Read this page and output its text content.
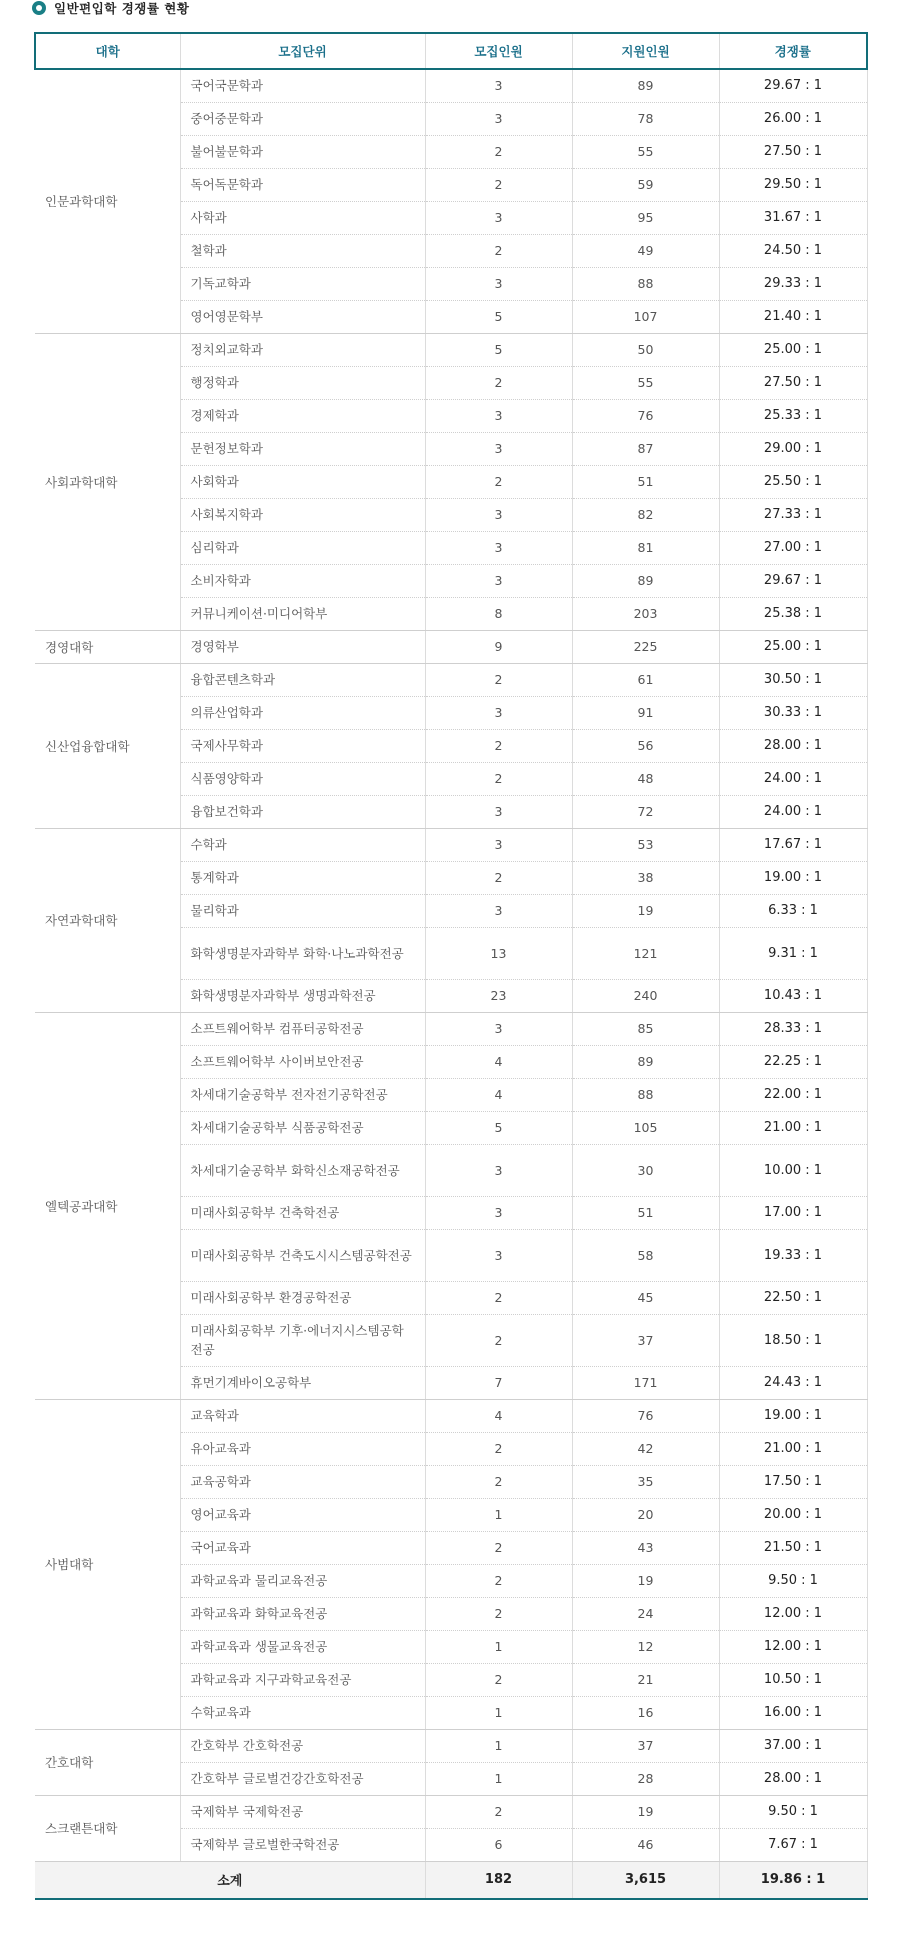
일반편입학 경쟁률 현황
대학	모집단위	모집인원	지원인원	경쟁률
인문과학대학	국어국문학과	3	89	29.67 : 1
	중어중문학과	3	78	26.00 : 1
	불어불문학과	2	55	27.50 : 1
	독어독문학과	2	59	29.50 : 1
	사학과	3	95	31.67 : 1
	철학과	2	49	24.50 : 1
	기독교학과	3	88	29.33 : 1
	영어영문학부	5	107	21.40 : 1
사회과학대학	정치외교학과	5	50	25.00 : 1
	행정학과	2	55	27.50 : 1
	경제학과	3	76	25.33 : 1
	문헌정보학과	3	87	29.00 : 1
	사회학과	2	51	25.50 : 1
	사회복지학과	3	82	27.33 : 1
	심리학과	3	81	27.00 : 1
	소비자학과	3	89	29.67 : 1
	커뮤니케이션·미디어학부	8	203	25.38 : 1
경영대학	경영학부	9	225	25.00 : 1
신산업융합대학	융합콘텐츠학과	2	61	30.50 : 1
	의류산업학과	3	91	30.33 : 1
	국제사무학과	2	56	28.00 : 1
	식품영양학과	2	48	24.00 : 1
	융합보건학과	3	72	24.00 : 1
자연과학대학	수학과	3	53	17.67 : 1
	통계학과	2	38	19.00 : 1
	물리학과	3	19	6.33 : 1
	화학생명분자과학부 화학·나노과학전공	13	121	9.31 : 1
	화학생명분자과학부 생명과학전공	23	240	10.43 : 1
엘텍공과대학	소프트웨어학부 컴퓨터공학전공	3	85	28.33 : 1
	소프트웨어학부 사이버보안전공	4	89	22.25 : 1
	차세대기술공학부 전자전기공학전공	4	88	22.00 : 1
	차세대기술공학부 식품공학전공	5	105	21.00 : 1
	차세대기술공학부 화학신소재공학전공	3	30	10.00 : 1
	미래사회공학부 건축학전공	3	51	17.00 : 1
	미래사회공학부 건축도시시스템공학전공	3	58	19.33 : 1
	미래사회공학부 환경공학전공	2	45	22.50 : 1
	미래사회공학부 기후·에너지시스템공학전공	2	37	18.50 : 1
	휴먼기계바이오공학부	7	171	24.43 : 1
사범대학	교육학과	4	76	19.00 : 1
	유아교육과	2	42	21.00 : 1
	교육공학과	2	35	17.50 : 1
	영어교육과	1	20	20.00 : 1
	국어교육과	2	43	21.50 : 1
	과학교육과 물리교육전공	2	19	9.50 : 1
	과학교육과 화학교육전공	2	24	12.00 : 1
	과학교육과 생물교육전공	1	12	12.00 : 1
	과학교육과 지구과학교육전공	2	21	10.50 : 1
	수학교육과	1	16	16.00 : 1
간호대학	간호학부 간호학전공	1	37	37.00 : 1
	간호학부 글로벌건강간호학전공	1	28	28.00 : 1
스크랜튼대학	국제학부 국제학전공	2	19	9.50 : 1
	국제학부 글로벌한국학전공	6	46	7.67 : 1
소계		182	3,615	19.86 : 1
